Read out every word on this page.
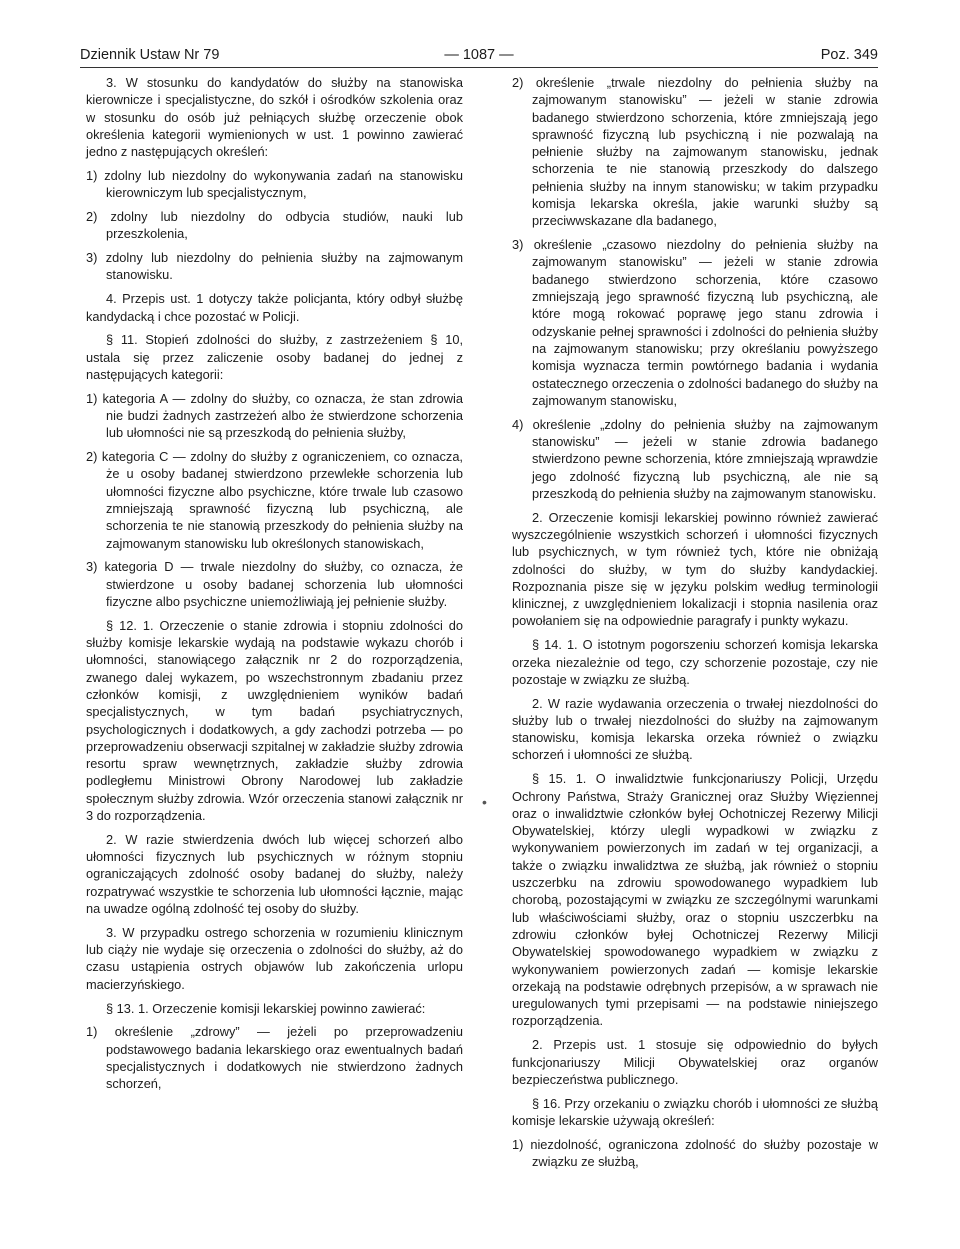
— 1087 —
Dziennik Ustaw Nr 79	Poz. 349

3. W stosunku do kandydatów do służby na stanowiska kierownicze i specjalistyczne, do szkół i ośrodków szkolenia oraz w stosunku do osób już pełniących służbę orzeczenie obok określenia kategorii wymienionych w ust. 1 powinno zawierać jedno z następujących określeń:

1) zdolny lub niezdolny do wykonywania zadań na stanowisku kierowniczym lub specjalistycznym,

2) zdolny lub niezdolny do odbycia studiów, nauki lub przeszkolenia,

3) zdolny lub niezdolny do pełnienia służby na zajmowanym stanowisku.

4. Przepis ust. 1 dotyczy także policjanta, który odbył służbę kandydacką i chce pozostać w Policji.

§ 11. Stopień zdolności do służby, z zastrzeżeniem § 10, ustala się przez zaliczenie osoby badanej do jednej z następujących kategorii:

1) kategoria A — zdolny do służby, co oznacza, że stan zdrowia nie budzi żadnych zastrzeżeń albo że stwierdzone schorzenia lub ułomności nie są przeszkodą do pełnienia służby,

2) kategoria C — zdolny do służby z ograniczeniem, co oznacza, że u osoby badanej stwierdzono przewlekłe schorzenia lub ułomności fizyczne albo psychiczne, które trwale lub czasowo zmniejszają sprawność fizyczną lub psychiczną, ale schorzenia te nie stanowią przeszkody do pełnienia służby na zajmowanym stanowisku lub określonych stanowiskach,

3) kategoria D — trwale niezdolny do służby, co oznacza, że stwierdzone u osoby badanej schorzenia lub ułomności fizyczne albo psychiczne uniemożliwiają jej pełnienie służby.

§ 12. 1. Orzeczenie o stanie zdrowia i stopniu zdolności do służby komisje lekarskie wydają na podstawie wykazu chorób i ułomności, stanowiącego załącznik nr 2 do rozporządzenia, zwanego dalej wykazem, po wszechstronnym zbadaniu przez członków komisji, z uwzględnieniem wyników badań specjalistycznych, w tym badań psychiatrycznych, psychologicznych i dodatkowych, a gdy zachodzi potrzeba — po przeprowadzeniu obserwacji szpitalnej w zakładzie służby zdrowia resortu spraw wewnętrznych, zakładzie służby zdrowia podległemu Ministrowi Obrony Narodowej lub zakładzie społecznym służby zdrowia. Wzór orzeczenia stanowi załącznik nr 3 do rozporządzenia.

2. W razie stwierdzenia dwóch lub więcej schorzeń albo ułomności fizycznych lub psychicznych w różnym stopniu ograniczających zdolność osoby badanej do służby, należy rozpatrywać wszystkie te schorzenia lub ułomności łącznie, mając na uwadze ogólną zdolność tej osoby do służby.

3. W przypadku ostrego schorzenia w rozumieniu klinicznym lub ciąży nie wydaje się orzeczenia o zdolności do służby, aż do czasu ustąpienia ostrych objawów lub zakończenia urlopu macierzyńskiego.

§ 13. 1. Orzeczenie komisji lekarskiej powinno zawierać:

1) określenie „zdrowy” — jeżeli po przeprowadzeniu podstawowego badania lekarskiego oraz ewentualnych badań specjalistycznych i dodatkowych nie stwierdzono żadnych schorzeń,

•

2) określenie „trwale niezdolny do pełnienia służby na zajmowanym stanowisku” — jeżeli w stanie zdrowia badanego stwierdzono schorzenia, które zmniejszają jego sprawność fizyczną lub psychiczną i nie pozwalają na pełnienie służby na zajmowanym stanowisku, jednak schorzenia te nie stanowią przeszkody do dalszego pełnienia służby na innym stanowisku; w takim przypadku komisja lekarska określa, jakie warunki służby są przeciwwskazane dla badanego,

3) określenie „czasowo niezdolny do pełnienia służby na zajmowanym stanowisku” — jeżeli w stanie zdrowia badanego stwierdzono schorzenia, które czasowo zmniejszają jego sprawność fizyczną lub psychiczną, ale które mogą rokować poprawę jego stanu zdrowia i odzyskanie pełnej sprawności i zdolności do pełnienia służby na zajmowanym stanowisku; przy określaniu powyższego komisja wyznacza termin powtórnego badania i wydania ostatecznego orzeczenia o zdolności badanego do służby na zajmowanym stanowisku,

4) określenie „zdolny do pełnienia służby na zajmowanym stanowisku” — jeżeli w stanie zdrowia badanego stwierdzono pewne schorzenia, które zmniejszają wprawdzie jego zdolność fizyczną lub psychiczną, ale nie są przeszkodą do pełnienia służby na zajmowanym stanowisku.

2. Orzeczenie komisji lekarskiej powinno również zawierać wyszczególnienie wszystkich schorzeń i ułomności fizycznych lub psychicznych, w tym również tych, które nie obniżają zdolności do służby, w tym do służby kandydackiej. Rozpoznania pisze się w języku polskim według terminologii klinicznej, z uwzględnieniem lokalizacji i stopnia nasilenia oraz powołaniem się na odpowiednie paragrafy i punkty wykazu.

§ 14. 1. O istotnym pogorszeniu schorzeń komisja lekarska orzeka niezależnie od tego, czy schorzenie pozostaje, czy nie pozostaje w związku ze służbą.

2. W razie wydawania orzeczenia o trwałej niezdolności do służby lub o trwałej niezdolności do służby na zajmowanym stanowisku, komisja lekarska orzeka również o związku schorzeń i ułomności ze służbą.

§ 15. 1. O inwalidztwie funkcjonariuszy Policji, Urzędu Ochrony Państwa, Straży Granicznej oraz Służby Więziennej oraz o inwalidztwie członków byłej Ochotniczej Rezerwy Milicji Obywatelskiej, którzy ulegli wypadkowi w związku z wykonywaniem powierzonych im zadań w tej organizacji, a także o związku inwalidztwa ze służbą, jak również o stopniu uszczerbku na zdrowiu spowodowanego wypadkiem lub chorobą, pozostającymi w związku ze szczególnymi warunkami lub właściwościami służby, oraz o stopniu uszczerbku na zdrowiu członków byłej Ochotniczej Rezerwy Milicji Obywatelskiej spowodowanego wypadkiem w związku z wykonywaniem powierzonych zadań — komisje lekarskie orzekają na podstawie odrębnych przepisów, a w sprawach nie uregulowanych tymi przepisami — na podstawie niniejszego rozporządzenia.

2. Przepis ust. 1 stosuje się odpowiednio do byłych funkcjonariuszy Milicji Obywatelskiej oraz organów bezpieczeństwa publicznego.

§ 16. Przy orzekaniu o związku chorób i ułomności ze służbą komisje lekarskie używają określeń:

1) niezdolność, ograniczona zdolność do służby pozostaje w związku ze służbą,
